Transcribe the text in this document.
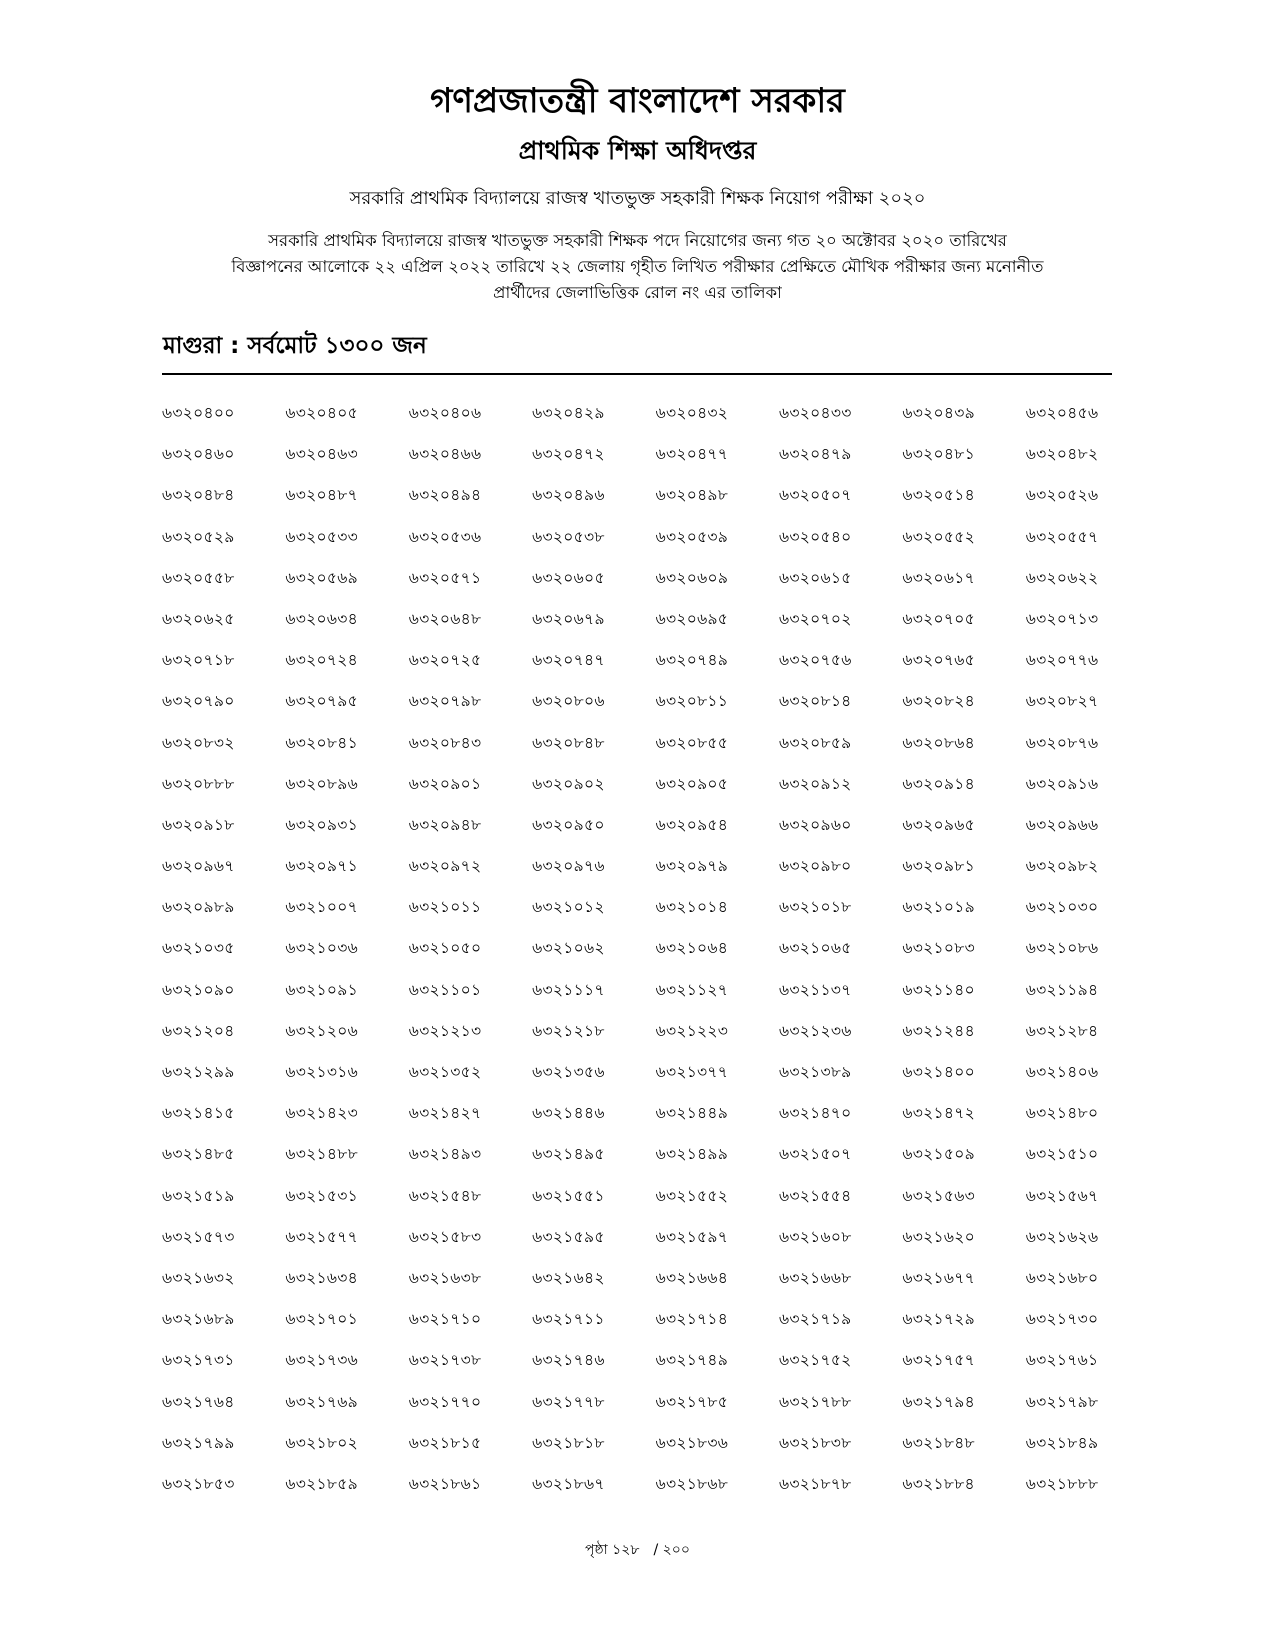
গণপ্রজাতন্ত্রী বাংলাদেশ সরকার
প্রাথমিক শিক্ষা অধিদপ্তর
সরকারি প্রাথমিক বিদ্যালয়ে রাজস্ব খাতভুক্ত সহকারী শিক্ষক নিয়োগ পরীক্ষা ২০২০
সরকারি প্রাথমিক বিদ্যালয়ে রাজস্ব খাতভুক্ত সহকারী শিক্ষক পদে নিয়োগের জন্য গত ২০ অক্টোবর ২০২০ তারিখের
বিজ্ঞাপনের আলোকে ২২ এপ্রিল ২০২২ তারিখে ২২ জেলায় গৃহীত লিখিত পরীক্ষার প্রেক্ষিতে মৌখিক পরীক্ষার জন্য মনোনীত
প্রার্থীদের জেলাভিত্তিক রোল নং এর তালিকা
মাগুরা : সর্বমোট ১৩০০ জন
৬৩২০৪০০	৬৩২০৪০৫	৬৩২০৪০৬	৬৩২০৪২৯	৬৩২০৪৩২	৬৩২০৪৩৩	৬৩২০৪৩৯	৬৩২০৪৫৬
৬৩২০৪৬০	৬৩২০৪৬৩	৬৩২০৪৬৬	৬৩২০৪৭২	৬৩২০৪৭৭	৬৩২০৪৭৯	৬৩২০৪৮১	৬৩২০৪৮২
৬৩২০৪৮৪	৬৩২০৪৮৭	৬৩২০৪৯৪	৬৩২০৪৯৬	৬৩২০৪৯৮	৬৩২০৫০৭	৬৩২০৫১৪	৬৩২০৫২৬
৬৩২০৫২৯	৬৩২০৫৩৩	৬৩২০৫৩৬	৬৩২০৫৩৮	৬৩২০৫৩৯	৬৩২০৫৪০	৬৩২০৫৫২	৬৩২০৫৫৭
৬৩২০৫৫৮	৬৩২০৫৬৯	৬৩২০৫৭১	৬৩২০৬০৫	৬৩২০৬০৯	৬৩২০৬১৫	৬৩২০৬১৭	৬৩২০৬২২
৬৩২০৬২৫	৬৩২০৬৩৪	৬৩২০৬৪৮	৬৩২০৬৭৯	৬৩২০৬৯৫	৬৩২০৭০২	৬৩২০৭০৫	৬৩২০৭১৩
৬৩২০৭১৮	৬৩২০৭২৪	৬৩২০৭২৫	৬৩২০৭৪৭	৬৩২০৭৪৯	৬৩২০৭৫৬	৬৩২০৭৬৫	৬৩২০৭৭৬
৬৩২০৭৯০	৬৩২০৭৯৫	৬৩২০৭৯৮	৬৩২০৮০৬	৬৩২০৮১১	৬৩২০৮১৪	৬৩২০৮২৪	৬৩২০৮২৭
৬৩২০৮৩২	৬৩২০৮৪১	৬৩২০৮৪৩	৬৩২০৮৪৮	৬৩২০৮৫৫	৬৩২০৮৫৯	৬৩২০৮৬৪	৬৩২০৮৭৬
৬৩২০৮৮৮	৬৩২০৮৯৬	৬৩২০৯০১	৬৩২০৯০২	৬৩২০৯০৫	৬৩২০৯১২	৬৩২০৯১৪	৬৩২০৯১৬
৬৩২০৯১৮	৬৩২০৯৩১	৬৩২০৯৪৮	৬৩২০৯৫০	৬৩২০৯৫৪	৬৩২০৯৬০	৬৩২০৯৬৫	৬৩২০৯৬৬
৬৩২০৯৬৭	৬৩২০৯৭১	৬৩২০৯৭২	৬৩২০৯৭৬	৬৩২০৯৭৯	৬৩২০৯৮০	৬৩২০৯৮১	৬৩২০৯৮২
৬৩২০৯৮৯	৬৩২১০০৭	৬৩২১০১১	৬৩২১০১২	৬৩২১০১৪	৬৩২১০১৮	৬৩২১০১৯	৬৩২১০৩০
৬৩২১০৩৫	৬৩২১০৩৬	৬৩২১০৫০	৬৩২১০৬২	৬৩২১০৬৪	৬৩২১০৬৫	৬৩২১০৮৩	৬৩২১০৮৬
৬৩২১০৯০	৬৩২১০৯১	৬৩২১১০১	৬৩২১১১৭	৬৩২১১২৭	৬৩২১১৩৭	৬৩২১১৪০	৬৩২১১৯৪
৬৩২১২০৪	৬৩২১২০৬	৬৩২১২১৩	৬৩২১২১৮	৬৩২১২২৩	৬৩২১২৩৬	৬৩২১২৪৪	৬৩২১২৮৪
৬৩২১২৯৯	৬৩২১৩১৬	৬৩২১৩৫২	৬৩২১৩৫৬	৬৩২১৩৭৭	৬৩২১৩৮৯	৬৩২১৪০০	৬৩২১৪০৬
৬৩২১৪১৫	৬৩২১৪২৩	৬৩২১৪২৭	৬৩২১৪৪৬	৬৩২১৪৪৯	৬৩২১৪৭০	৬৩২১৪৭২	৬৩২১৪৮০
৬৩২১৪৮৫	৬৩২১৪৮৮	৬৩২১৪৯৩	৬৩২১৪৯৫	৬৩২১৪৯৯	৬৩২১৫০৭	৬৩২১৫০৯	৬৩২১৫১০
৬৩২১৫১৯	৬৩২১৫৩১	৬৩২১৫৪৮	৬৩২১৫৫১	৬৩২১৫৫২	৬৩২১৫৫৪	৬৩২১৫৬৩	৬৩২১৫৬৭
৬৩২১৫৭৩	৬৩২১৫৭৭	৬৩২১৫৮৩	৬৩২১৫৯৫	৬৩২১৫৯৭	৬৩২১৬০৮	৬৩২১৬২০	৬৩২১৬২৬
৬৩২১৬৩২	৬৩২১৬৩৪	৬৩২১৬৩৮	৬৩২১৬৪২	৬৩২১৬৬৪	৬৩২১৬৬৮	৬৩২১৬৭৭	৬৩২১৬৮০
৬৩২১৬৮৯	৬৩২১৭০১	৬৩২১৭১০	৬৩২১৭১১	৬৩২১৭১৪	৬৩২১৭১৯	৬৩২১৭২৯	৬৩২১৭৩০
৬৩২১৭৩১	৬৩২১৭৩৬	৬৩২১৭৩৮	৬৩২১৭৪৬	৬৩২১৭৪৯	৬৩২১৭৫২	৬৩২১৭৫৭	৬৩২১৭৬১
৬৩২১৭৬৪	৬৩২১৭৬৯	৬৩২১৭৭০	৬৩২১৭৭৮	৬৩২১৭৮৫	৬৩২১৭৮৮	৬৩২১৭৯৪	৬৩২১৭৯৮
৬৩২১৭৯৯	৬৩২১৮০২	৬৩২১৮১৫	৬৩২১৮১৮	৬৩২১৮৩৬	৬৩২১৮৩৮	৬৩২১৮৪৮	৬৩২১৮৪৯
৬৩২১৮৫৩	৬৩২১৮৫৯	৬৩২১৮৬১	৬৩২১৮৬৭	৬৩২১৮৬৮	৬৩২১৮৭৮	৬৩২১৮৮৪	৬৩২১৮৮৮
পৃষ্ঠা ১২৮ / ২০০
